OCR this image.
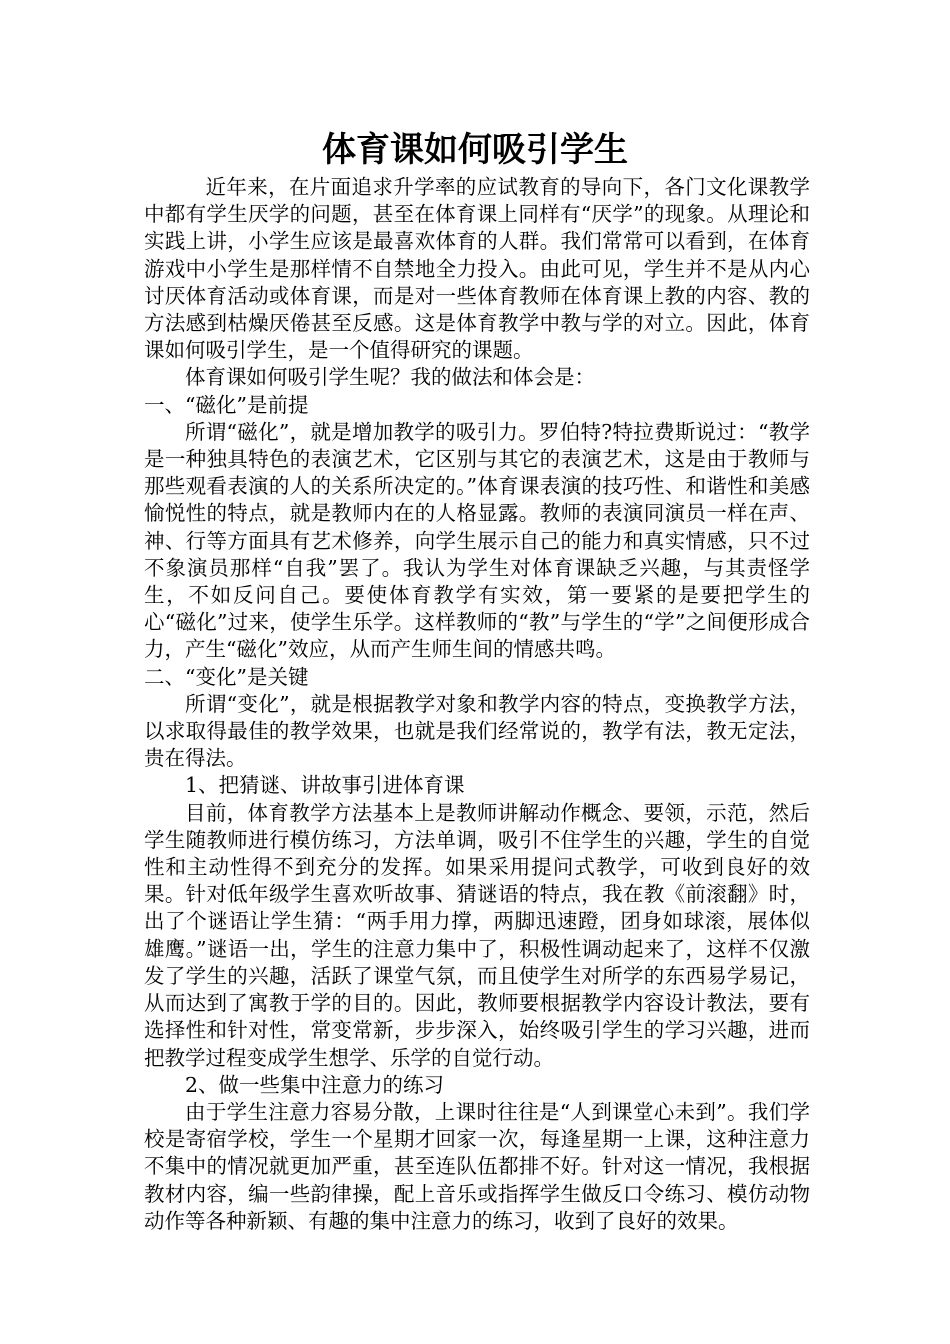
体育课如何吸引学生

近年来，在片面追求升学率的应试教育的导向下，各门文化课教学中都有学生厌学的问题，甚至在体育课上同样有“厌学”的现象。从理论和实践上讲，小学生应该是最喜欢体育的人群。我们常常可以看到，在体育游戏中小学生是那样情不自禁地全力投入。由此可见，学生并不是从内心讨厌体育活动或体育课，而是对一些体育教师在体育课上教的内容、教的方法感到枯燥厌倦甚至反感。这是体育教学中教与学的对立。因此，体育课如何吸引学生，是一个值得研究的课题。

体育课如何吸引学生呢？我的做法和体会是：

一、“磁化”是前提

所谓“磁化”，就是增加教学的吸引力。罗伯特?特拉费斯说过：“教学是一种独具特色的表演艺术，它区别与其它的表演艺术，这是由于教师与那些观看表演的人的关系所决定的。”体育课表演的技巧性、和谐性和美感愉悦性的特点，就是教师内在的人格显露。教师的表演同演员一样在声、神、行等方面具有艺术修养，向学生展示自己的能力和真实情感，只不过不象演员那样“自我”罢了。我认为学生对体育课缺乏兴趣，与其责怪学生，不如反问自己。要使体育教学有实效，第一要紧的是要把学生的心“磁化”过来，使学生乐学。这样教师的“教”与学生的“学”之间便形成合力，产生“磁化”效应，从而产生师生间的情感共鸣。

二、“变化”是关键

所谓“变化”，就是根据教学对象和教学内容的特点，变换教学方法，以求取得最佳的教学效果，也就是我们经常说的，教学有法，教无定法，贵在得法。

1、把猜谜、讲故事引进体育课

目前，体育教学方法基本上是教师讲解动作概念、要领，示范，然后学生随教师进行模仿练习，方法单调，吸引不住学生的兴趣，学生的自觉性和主动性得不到充分的发挥。如果采用提问式教学，可收到良好的效果。针对低年级学生喜欢听故事、猜谜语的特点，我在教《前滚翻》时，出了个谜语让学生猜：“两手用力撑，两脚迅速蹬，团身如球滚，展体似雄鹰。”谜语一出，学生的注意力集中了，积极性调动起来了，这样不仅激发了学生的兴趣，活跃了课堂气氛，而且使学生对所学的东西易学易记，从而达到了寓教于学的目的。因此，教师要根据教学内容设计教法，要有选择性和针对性，常变常新，步步深入，始终吸引学生的学习兴趣，进而把教学过程变成学生想学、乐学的自觉行动。

2、做一些集中注意力的练习

由于学生注意力容易分散，上课时往往是“人到课堂心未到”。我们学校是寄宿学校，学生一个星期才回家一次，每逢星期一上课，这种注意力不集中的情况就更加严重，甚至连队伍都排不好。针对这一情况，我根据教材内容，编一些韵律操，配上音乐或指挥学生做反口令练习、模仿动物动作等各种新颖、有趣的集中注意力的练习，收到了良好的效果。
